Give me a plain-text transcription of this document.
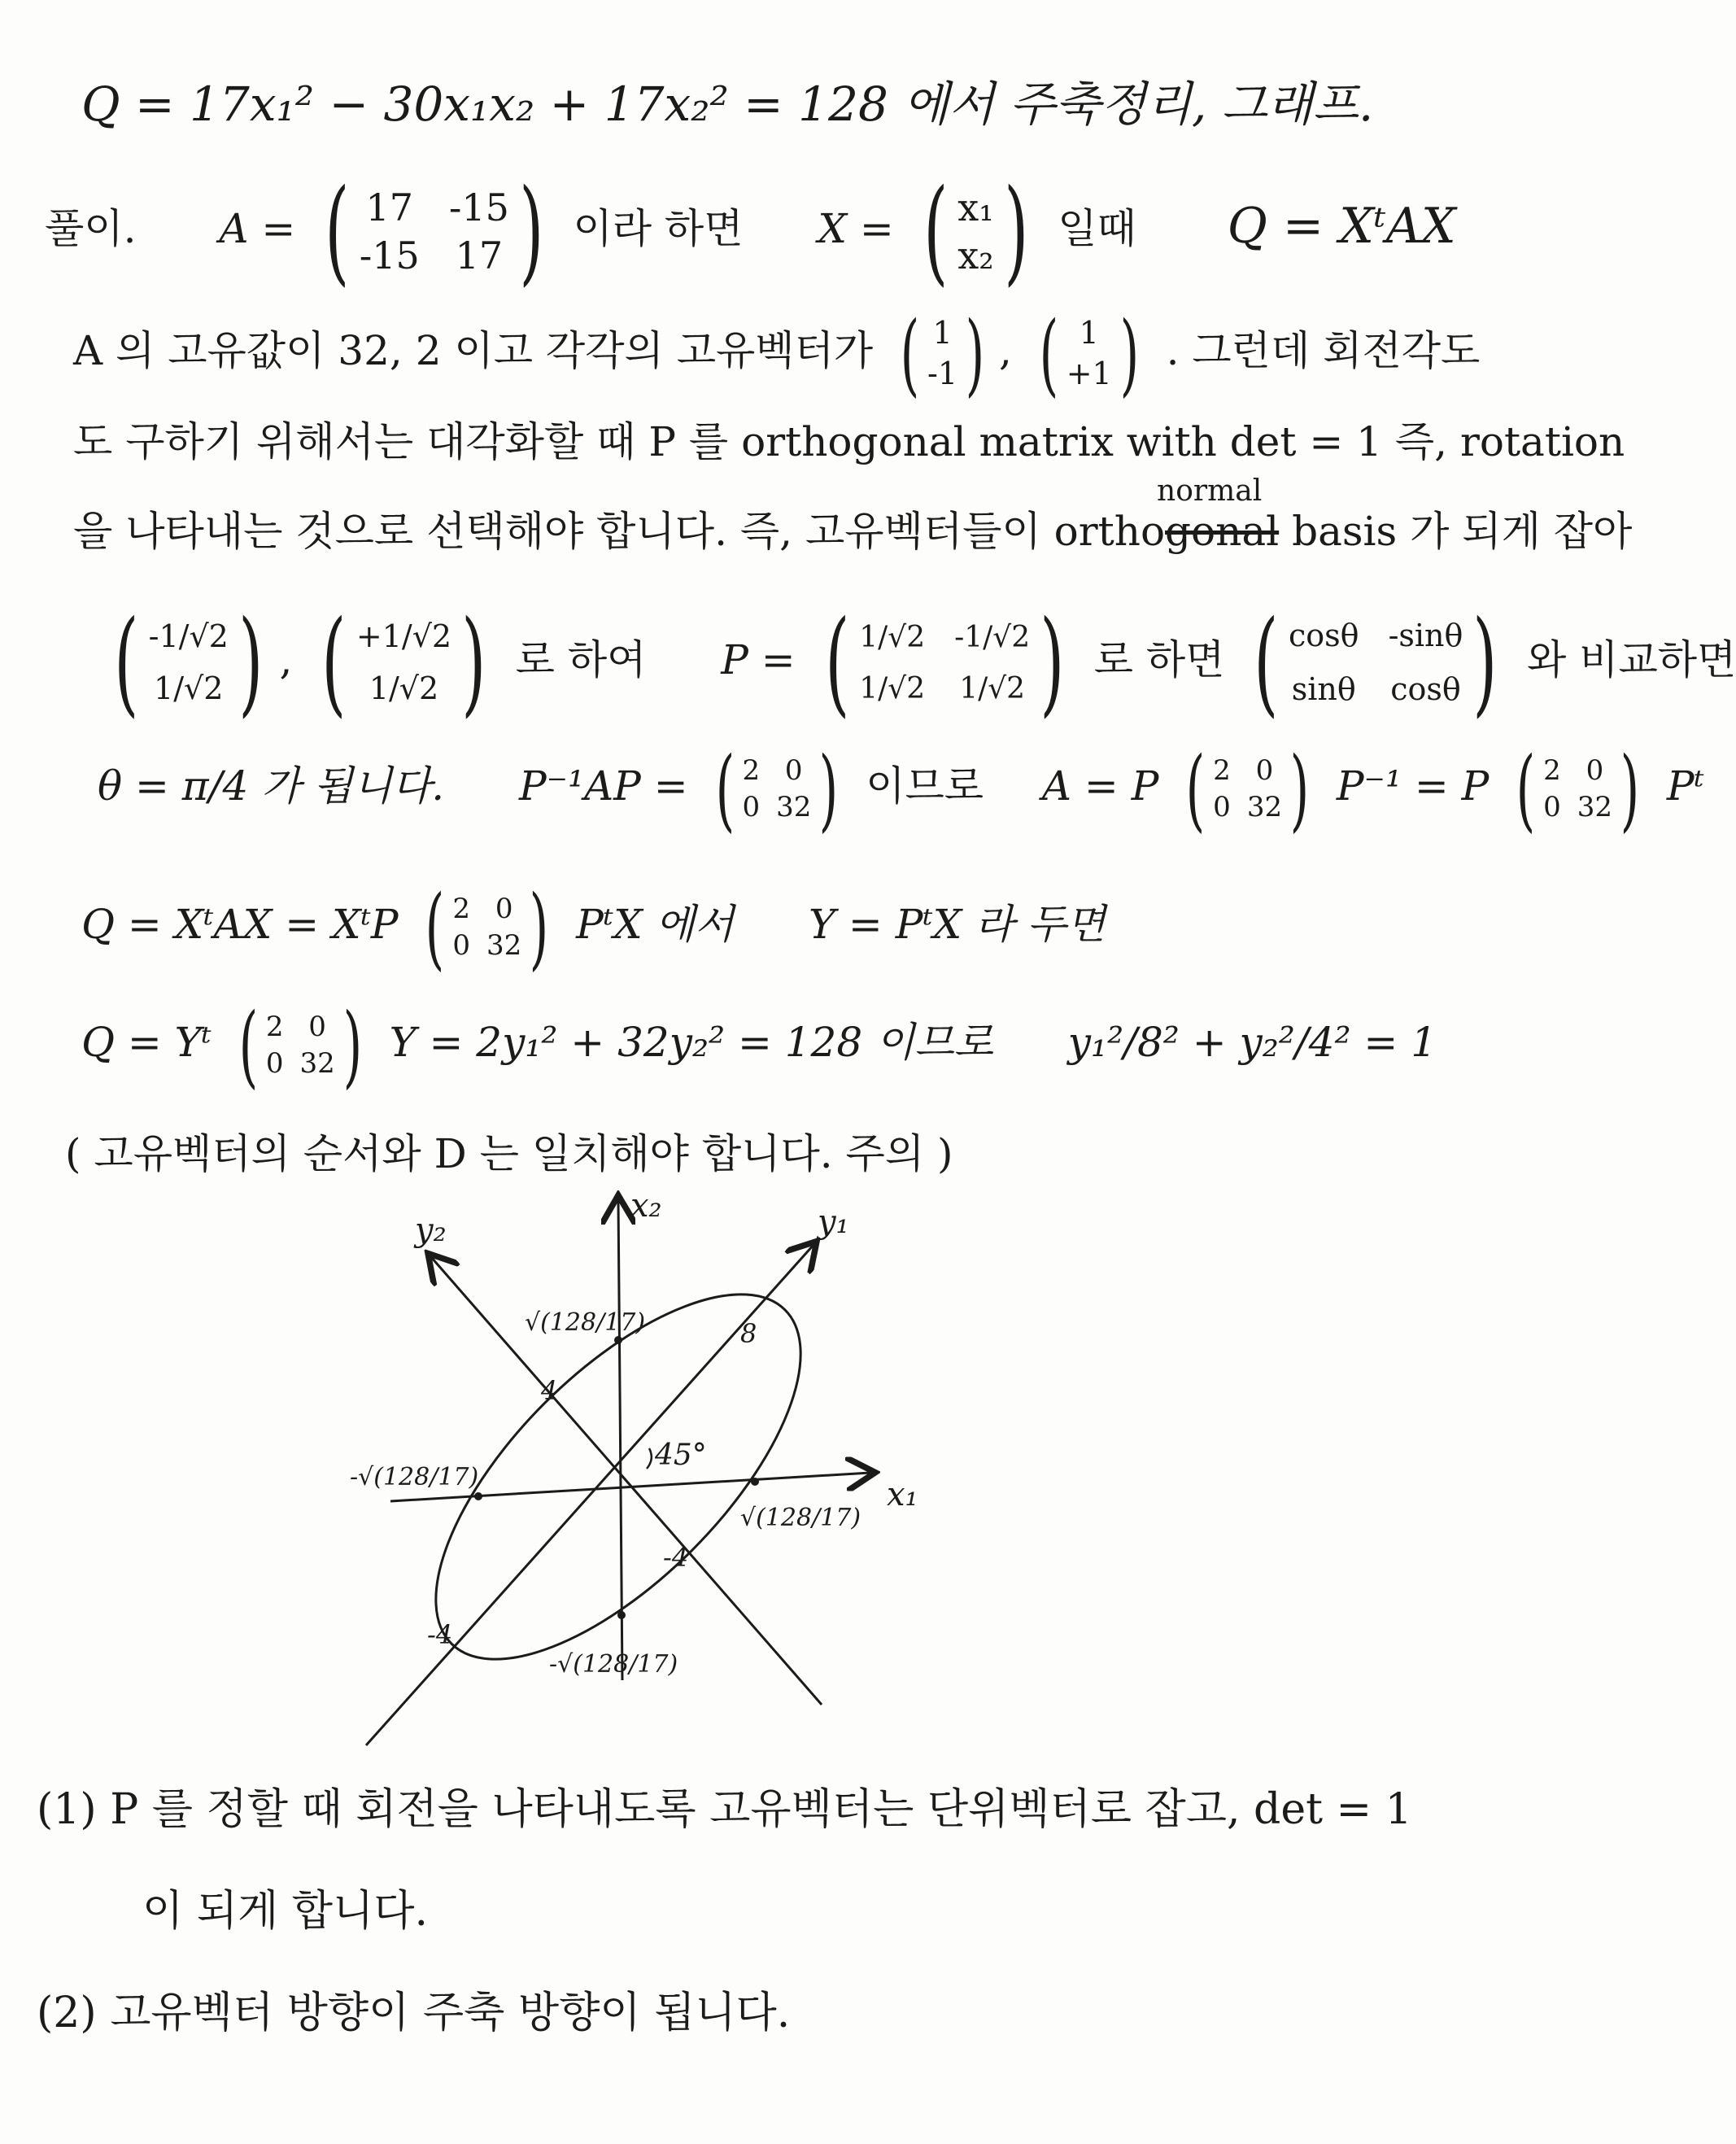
Q = 17x₁² − 30x₁x₂ + 17x₂² = 128 에서 주축정리, 그래프.
풀이. A = ( 17 -15
-15 17 ) 이라 하면 X = ( x₁
x₂ ) 일때 Q = XᵗAX
A 의 고유값이 32, 2 이고 각각의 고유벡터가 ( 1
-1 ) , ( 1
+1 ) . 그런데 회전각도
도 구하기 위해서는 대각화할 때 P 를 orthogonal matrix with det = 1 즉, rotation
을 나타내는 것으로 선택해야 합니다. 즉, 고유벡터들이 orthogonal
normal
basis 가 되게 잡아
( -1/√2
1/√2 ) , ( +1/√2
1/√2 ) 로 하여 P = ( 1/√2 -1/√2
1/√2 1/√2 ) 로 하면 ( cosθ -sinθ
sinθ cosθ ) 와 비교하면
θ = π/4 가 됩니다. P⁻¹AP = ( 2 0
0 32 ) 이므로 A = P ( 2 0
0 32 ) P⁻¹ = P ( 2 0
0 32 ) Pᵗ
Q = XᵗAX = XᵗP ( 2 0
0 32 ) PᵗX 에서 Y = PᵗX 라 두면
Q = Yᵗ ( 2 0
0 32 ) Y = 2y₁² + 32y₂² = 128 이므로 y₁²/8² + y₂²/4² = 1
( 고유벡터의 순서와 D 는 일치해야 합니다. 주의 )
x₁
x₂	y₁
y₂
8
4
-4
-4
45°
√(128/17)
-√(128/17)
√(128/17)
-√(128/17)
(1) P 를 정할 때 회전을 나타내도록 고유벡터는 단위벡터로 잡고, det = 1
이 되게 합니다.
(2) 고유벡터 방향이 주축 방향이 됩니다.
